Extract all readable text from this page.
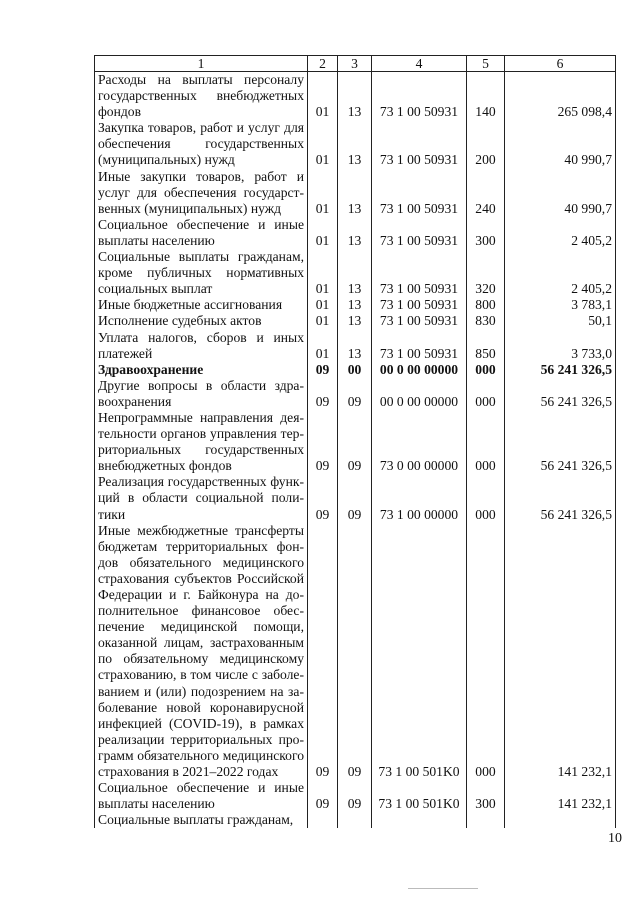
1	2	3	4	5	6
Расходы на выплаты персоналу государственных внебюджетных фондов	01	13	73 1 00 50931	140	265 098,4
Закупка товаров, работ и услуг для обеспечения государственных (муниципальных) нужд	01	13	73 1 00 50931	200	40 990,7
Иные закупки товаров, работ и услуг для обеспечения государственных (муниципальных) нужд	01	13	73 1 00 50931	240	40 990,7
Социальное обеспечение и иные выплаты населению	01	13	73 1 00 50931	300	2 405,2
Социальные выплаты гражданам, кроме публичных нормативных социальных выплат	01	13	73 1 00 50931	320	2 405,2
Иные бюджетные ассигнования	01	13	73 1 00 50931	800	3 783,1
Исполнение судебных актов	01	13	73 1 00 50931	830	50,1
Уплата налогов, сборов и иных платежей	01	13	73 1 00 50931	850	3 733,0
Здравоохранение	09	00	00 0 00 00000	000	56 241 326,5
Другие вопросы в области здравоохранения	09	09	00 0 00 00000	000	56 241 326,5
Непрограммные направления деятельности органов управления территориальных государственных внебюджетных фондов	09	09	73 0 00 00000	000	56 241 326,5
Реализация государственных функций в области социальной политики	09	09	73 1 00 00000	000	56 241 326,5
Иные межбюджетные трансферты бюджетам территориальных фондов обязательного медицинского страхования субъектов Российской Федерации и г. Байконура на дополнительное финансовое обеспечение медицинской помощи, оказанной лицам, застрахованным по обязательному медицинскому страхованию, в том числе с заболеванием и (или) подозрением на заболевание новой коронавирусной инфекцией (COVID-19), в рамках реализации территориальных программ обязательного медицинского страхования в 2021–2022 годах	09	09	73 1 00 501K0	000	141 232,1
Социальное обеспечение и иные выплаты населению	09	09	73 1 00 501K0	300	141 232,1
Социальные выплаты гражданам,					
10
